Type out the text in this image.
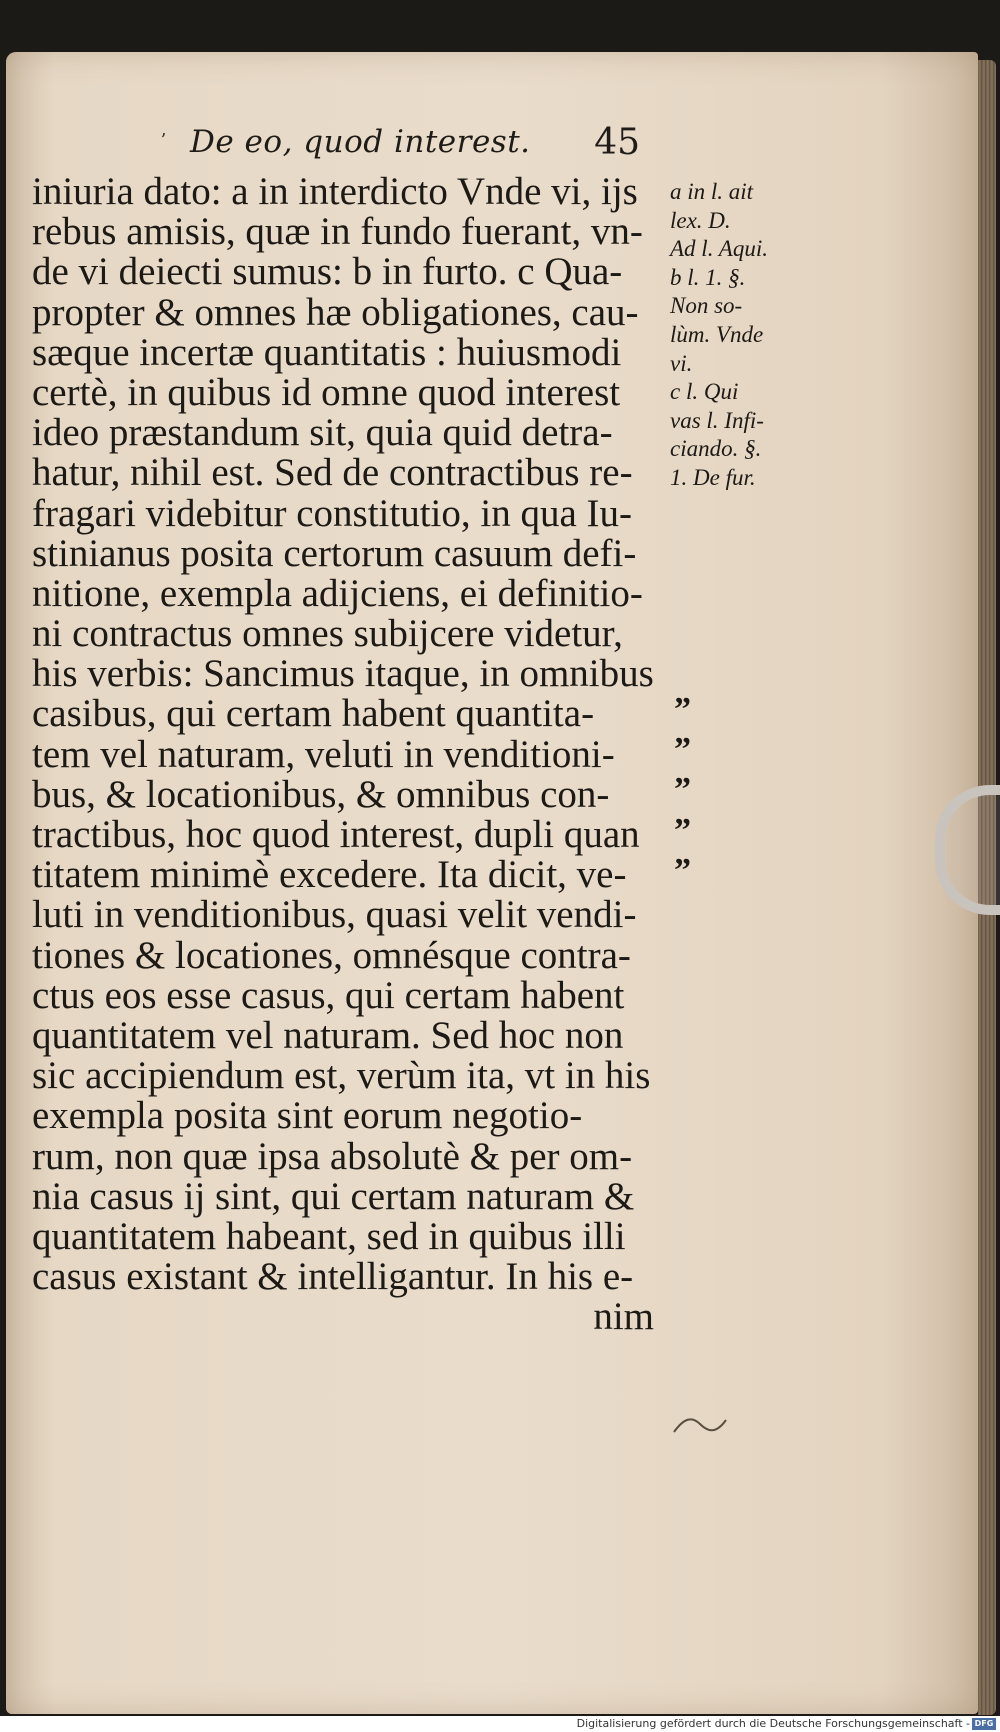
ʼ De eo, quod interest. 45
iniuria dato: a in interdicto Vnde vi, ijs
rebus amisis, quæ in fundo fuerant, vn-
de vi deiecti sumus: b in furto. c Qua-
propter & omnes hæ obligationes, cau-
sæque incertæ quantitatis : huiusmodi
certè, in quibus id omne quod interest
ideo præstandum sit, quia quid detra-
hatur, nihil est. Sed de contractibus re-
fragari videbitur constitutio, in qua Iu-
stinianus posita certorum casuum defi-
nitione, exempla adijciens, ei definitio-
ni contractus omnes subijcere videtur,
his verbis: Sancimus itaque, in omnibus
casibus, qui certam habent quantita-
tem vel naturam, veluti in venditioni-
bus, & locationibus, & omnibus con-
tractibus, hoc quod interest, dupli quan
titatem minimè excedere. Ita dicit, ve-
luti in venditionibus, quasi velit vendi-
tiones & locationes, omnésque contra-
ctus eos esse casus, qui certam habent
quantitatem vel naturam. Sed hoc non
sic accipiendum est, verùm ita, vt in his
exempla posita sint eorum negotio-
rum, non quæ ipsa absolutè & per om-
nia casus ij sint, qui certam naturam &
quantitatem habeant, sed in quibus illi
casus existant & intelligantur. In his e-
nim
a in l. ait
lex. D.
Ad l. Aqui.
b l. 1. §.
Non so-
lùm. Vnde
vi.
c l. Qui
vas l. Infi-
ciando. §.
1. De fur.
”
”
”
”
”
Digitalisierung gefördert durch die Deutsche Forschungsgemeinschaft - DFG
